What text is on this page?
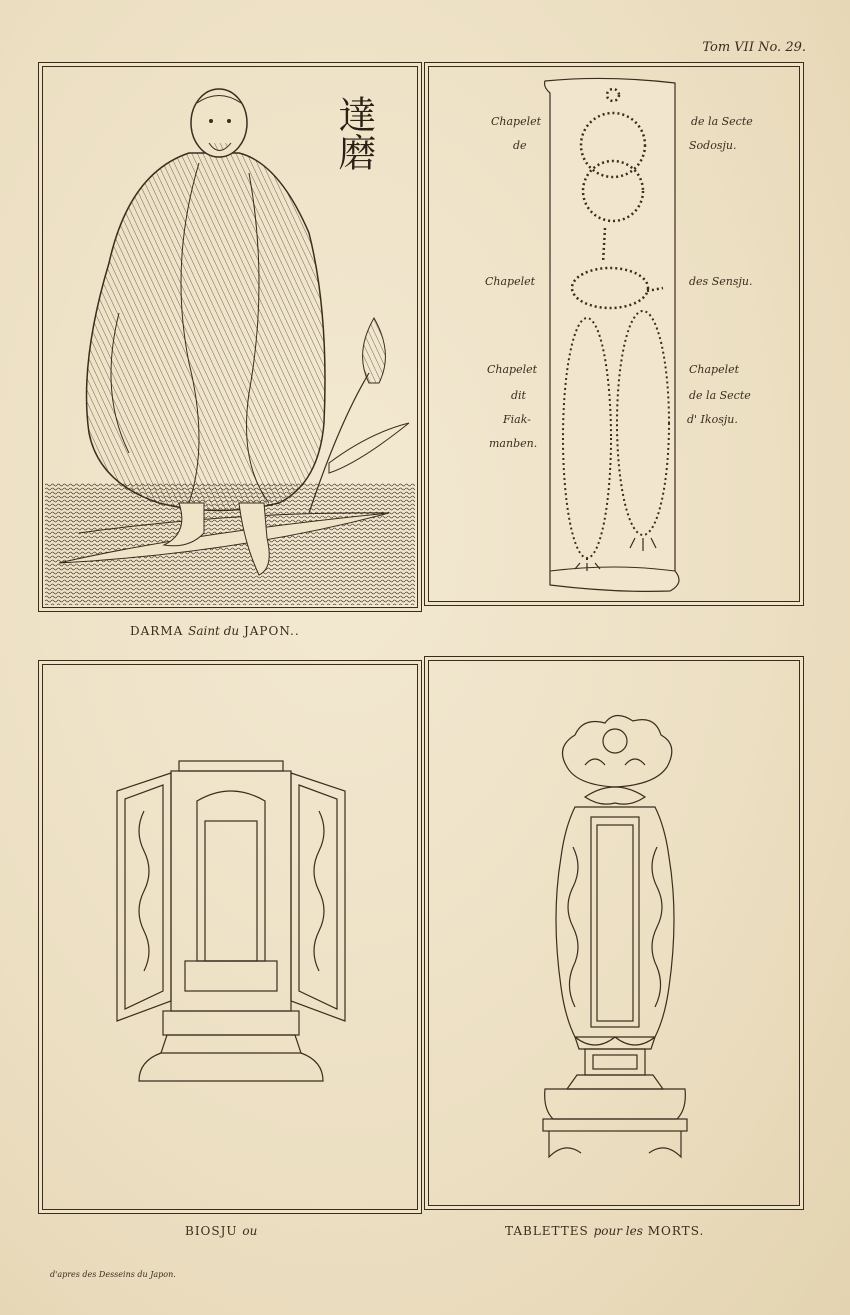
Tom VII No. 29.
達磨	Chapelet
de
de la Secte
Sodosju.
Chapelet	des Sensju.
Chapelet
dit
Fiak-
manben.
Chapelet
de la Secte
d' Ikosju.
DARMA Saint du JAPON..
BIOSJU ou	TABLETTES pour les MORTS.
d'apres des Desseins du Japon.
